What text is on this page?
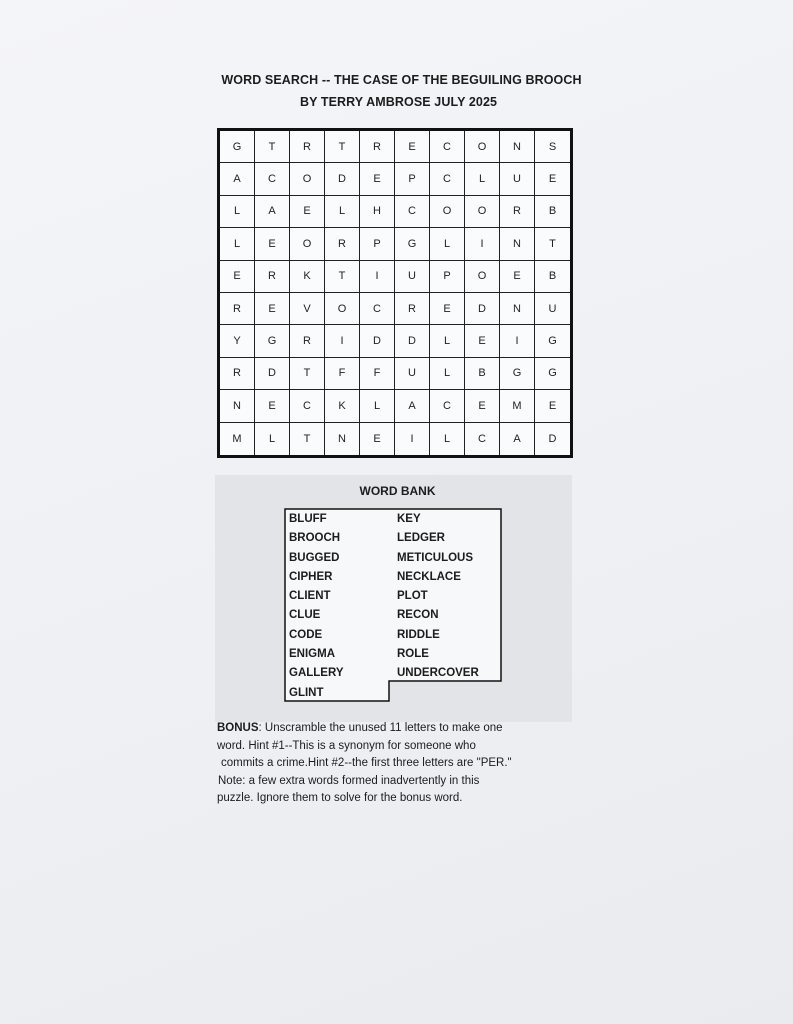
WORD SEARCH -- THE CASE OF THE BEGUILING BROOCH
BY TERRY AMBROSE JULY 2025
G	T	R	T	R	E	C	O	N	S
A	C	O	D	E	P	C	L	U	E
L	A	E	L	H	C	O	O	R	B
L	E	O	R	P	G	L	I	N	T
E	R	K	T	I	U	P	O	E	B
R	E	V	O	C	R	E	D	N	U
Y	G	R	I	D	D	L	E	I	G
R	D	T	F	F	U	L	B	G	G
N	E	C	K	L	A	C	E	M	E
M	L	T	N	E	I	L	C	A	D
WORD BANK
BLUFF
BROOCH
BUGGED
CIPHER
CLIENT
CLUE
CODE
ENIGMA
GALLERY
GLINT
KEY
LEDGER
METICULOUS
NECKLACE
PLOT
RECON
RIDDLE
ROLE
UNDERCOVER
BONUS: Unscramble the unused 11 letters to make one
word. Hint #1--This is a synonym for someone who
commits a crime.Hint #2--the first three letters are "PER."
Note: a few extra words formed inadvertently in this
puzzle. Ignore them to solve for the bonus word.
